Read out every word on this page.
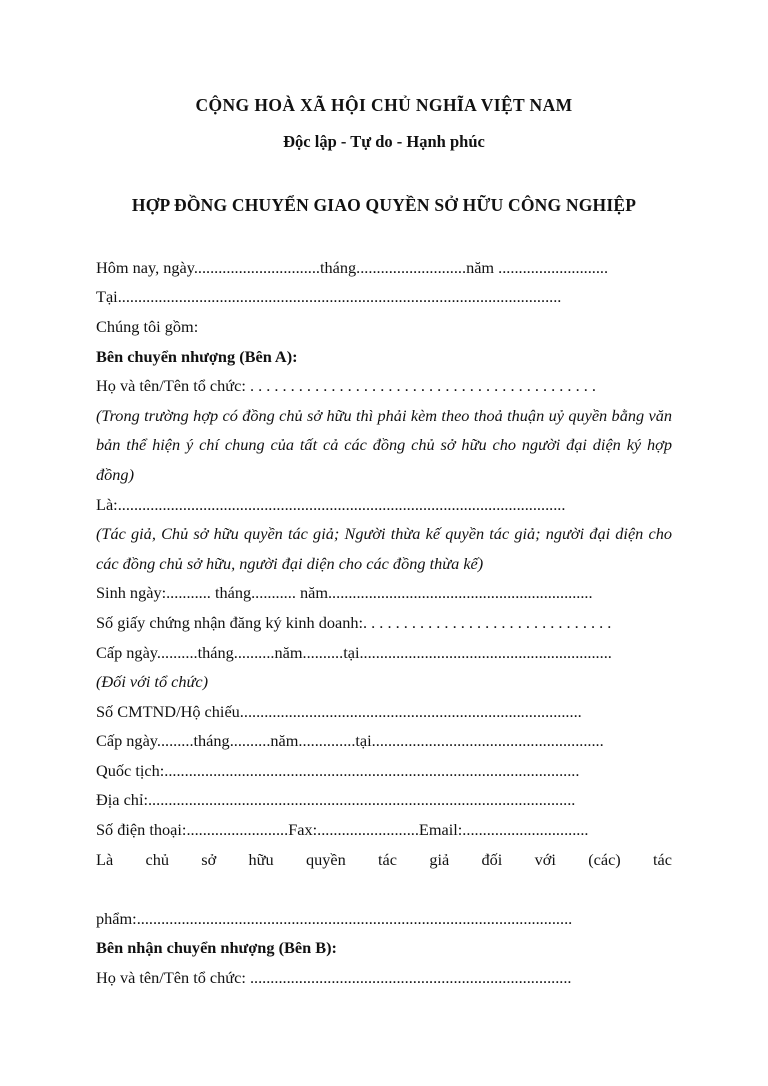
CỘNG HOÀ XÃ HỘI CHỦ NGHĨA VIỆT NAM

Độc lập - Tự do - Hạnh phúc

HỢP ĐỒNG CHUYỂN GIAO QUYỀN SỞ HỮU CÔNG NGHIỆP

Hôm nay, ngày...............................tháng...........................năm ...........................

Tại.............................................................................................................

Chúng tôi gồm:

Bên chuyển nhượng (Bên A):

Họ và tên/Tên tổ chức: . . . . . . . . . . . . . . . . . . . . . . . . . . . . . . . . . . . . . . . . . . .

(Trong trường hợp có đồng chủ sở hữu thì phải kèm theo thoả thuận uỷ quyền bằng văn bản thể hiện ý chí chung của tất cả các đồng chủ sở hữu cho người đại diện ký hợp đồng)

Là:..............................................................................................................

(Tác giả, Chủ sở hữu quyền tác giả; Người thừa kế quyền tác giả; người đại diện cho các đồng chủ sở hữu, người đại diện cho các đồng thừa kế)

Sinh ngày:........... tháng........... năm.................................................................

Số giấy chứng nhận đăng ký kinh doanh:. . . . . . . . . . . . . . . . . . . . . . . . . . . . . . .

Cấp ngày..........tháng..........năm..........tại..............................................................

(Đối với tổ chức)

Số CMTND/Hộ chiếu....................................................................................

Cấp ngày.........tháng..........năm..............tại.........................................................

Quốc tịch:......................................................................................................

Địa chỉ:.........................................................................................................

Số điện thoại:.........................Fax:.........................Email:...............................

Là chủ sở hữu quyền tác giả đối với (các) tác

phẩm:...........................................................................................................

Bên nhận chuyển nhượng (Bên B):

Họ và tên/Tên tổ chức: ...............................................................................
